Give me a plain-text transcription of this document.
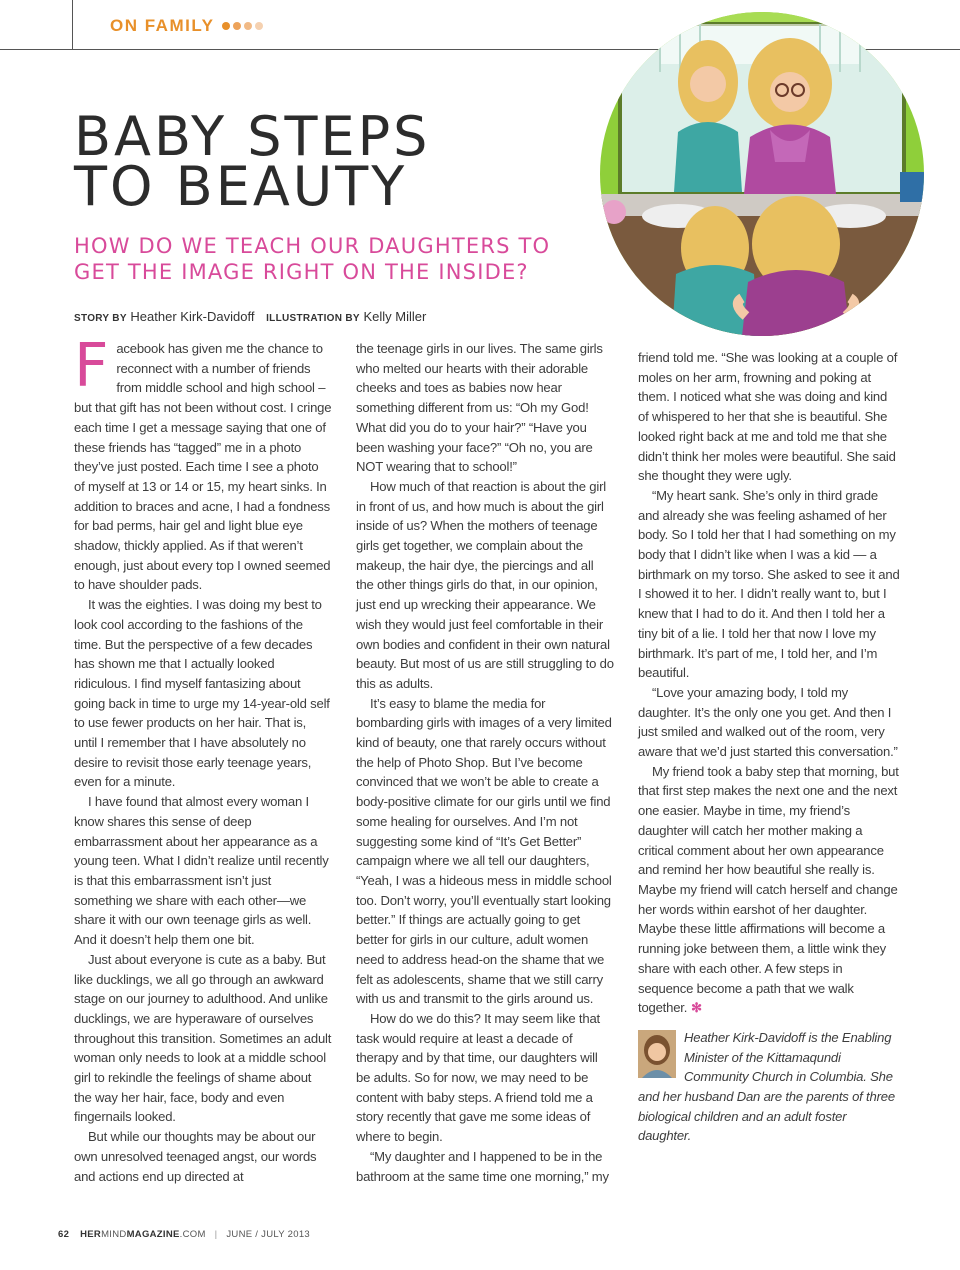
ON FAMILY
BABY STEPS
TO BEAUTY
HOW DO WE TEACH OUR DAUGHTERS TO
GET THE IMAGE RIGHT ON THE INSIDE?
STORY BY Heather Kirk-Davidoff ILLUSTRATION BY Kelly Miller

Facebook has given me the chance to reconnect with a number of friends from middle school and high school – but that gift has not been without cost. I cringe each time I get a message saying that one of these friends has “tagged” me in a photo they’ve just posted. Each time I see a photo of myself at 13 or 14 or 15, my heart sinks. In addition to braces and acne, I had a fondness for bad perms, hair gel and light blue eye shadow, thickly applied. As if that weren’t enough, just about every top I owned seemed to have shoulder pads.

It was the eighties. I was doing my best to look cool according to the fashions of the time. But the perspective of a few decades has shown me that I actually looked ridiculous. I find myself fantasizing about going back in time to urge my 14-year-old self to use fewer products on her hair. That is, until I remember that I have absolutely no desire to revisit those early teenage years, even for a minute.

I have found that almost every woman I know shares this sense of deep embarrassment about her appearance as a young teen. What I didn’t realize until recently is that this embarrassment isn’t just something we share with each other—we share it with our own teenage girls as well. And it doesn’t help them one bit.

Just about everyone is cute as a baby. But like ducklings, we all go through an awkward stage on our journey to adulthood. And unlike ducklings, we are hyperaware of ourselves throughout this transition. Sometimes an adult woman only needs to look at a middle school girl to rekindle the feelings of shame about the way her hair, face, body and even fingernails looked.

But while our thoughts may be about our own unresolved teenaged angst, our words and actions end up directed at

the teenage girls in our lives. The same girls who melted our hearts with their adorable cheeks and toes as babies now hear something different from us: “Oh my God! What did you do to your hair?” “Have you been washing your face?” “Oh no, you are NOT wearing that to school!”

How much of that reaction is about the girl in front of us, and how much is about the girl inside of us? When the mothers of teenage girls get together, we complain about the makeup, the hair dye, the piercings and all the other things girls do that, in our opinion, just end up wrecking their appearance. We wish they would just feel comfortable in their own bodies and confident in their own natural beauty. But most of us are still struggling to do this as adults.

It’s easy to blame the media for bombarding girls with images of a very limited kind of beauty, one that rarely occurs without the help of Photo Shop. But I’ve become convinced that we won’t be able to create a body-positive climate for our girls until we find some healing for ourselves. And I’m not suggesting some kind of “It’s Get Better” campaign where we all tell our daughters, “Yeah, I was a hideous mess in middle school too. Don’t worry, you’ll eventually start looking better.” If things are actually going to get better for girls in our culture, adult women need to address head-on the shame that we felt as adolescents, shame that we still carry with us and transmit to the girls around us.

How do we do this? It may seem like that task would require at least a decade of therapy and by that time, our daughters will be adults. So for now, we may need to be content with baby steps. A friend told me a story recently that gave me some ideas of where to begin.

“My daughter and I happened to be in the bathroom at the same time one morning,” my

friend told me. “She was looking at a couple of moles on her arm, frowning and poking at them. I noticed what she was doing and kind of whispered to her that she is beautiful. She looked right back at me and told me that she didn’t think her moles were beautiful. She said she thought they were ugly.

“My heart sank. She’s only in third grade and already she was feeling ashamed of her body. So I told her that I had something on my body that I didn’t like when I was a kid — a birthmark on my torso. She asked to see it and I showed it to her. I didn’t really want to, but I knew that I had to do it. And then I told her a tiny bit of a lie. I told her that now I love my birthmark. It’s part of me, I told her, and I’m beautiful.

“Love your amazing body, I told my daughter. It’s the only one you get. And then I just smiled and walked out of the room, very aware that we’d just started this conversation.”

My friend took a baby step that morning, but that first step makes the next one and the next one easier. Maybe in time, my friend’s daughter will catch her mother making a critical comment about her own appearance and remind her how beautiful she really is. Maybe my friend will catch herself and change her words within earshot of her daughter. Maybe these little affirmations will become a running joke between them, a little wink they share with each other. A few steps in sequence become a path that we walk together. ✻

Heather Kirk-Davidoff is the Enabling Minister of the Kittamaqundi Community Church in Columbia. She and her husband Dan are the parents of three biological children and an adult foster daughter.
62 HERMINDMAGAZINE.COM | JUNE / JULY 2013
